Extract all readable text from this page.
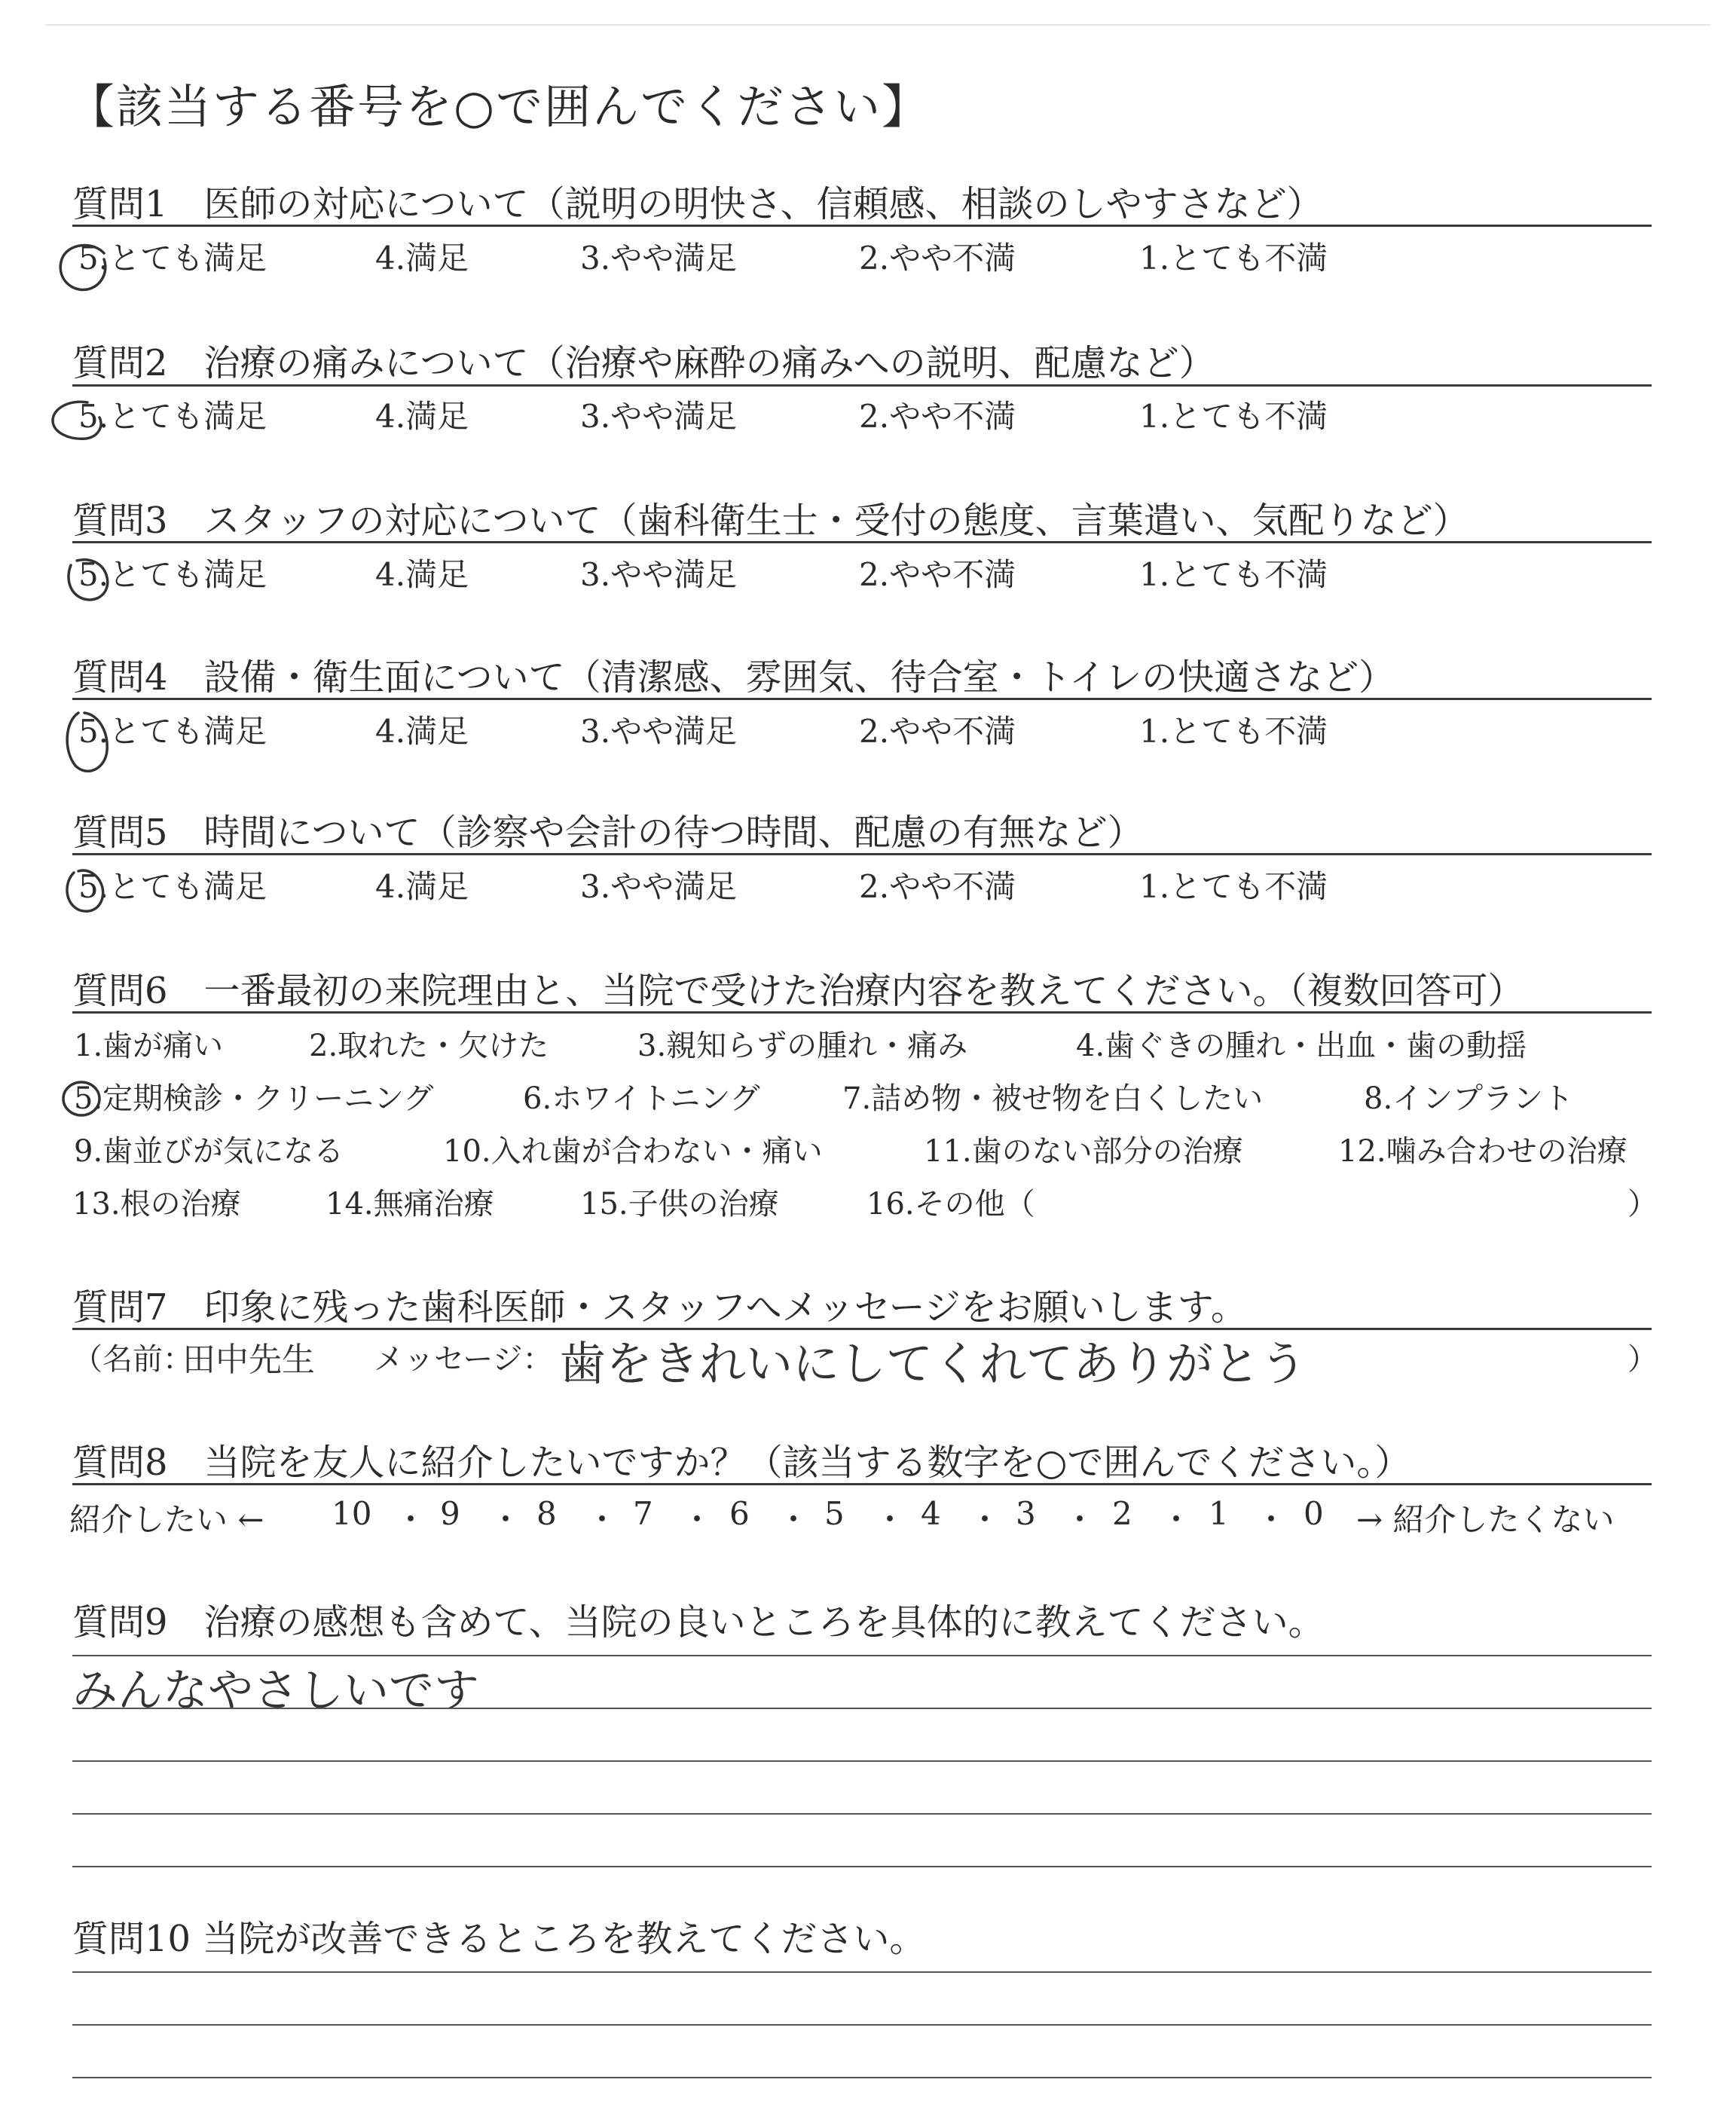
【該当する番号を○で囲んでください】
質問1　医師の対応について（説明の明快さ、信頼感、相談のしやすさなど）
5.とても満足	4.満足	3.やや満足	2.やや不満	1.とても不満
質問2　治療の痛みについて（治療や麻酔の痛みへの説明、配慮など）
5.とても満足	4.満足	3.やや満足	2.やや不満	1.とても不満
質問3　スタッフの対応について（歯科衛生士・受付の態度、言葉遣い、気配りなど）
5.とても満足	4.満足	3.やや満足	2.やや不満	1.とても不満
質問4　設備・衛生面について（清潔感、雰囲気、待合室・トイレの快適さなど）
5.とても満足	4.満足	3.やや満足	2.やや不満	1.とても不満
質問5　時間について（診察や会計の待つ時間、配慮の有無など）
5.とても満足	4.満足	3.やや満足	2.やや不満	1.とても不満
質問6　一番最初の来院理由と、当院で受けた治療内容を教えてください。（複数回答可）
1.歯が痛い	2.取れた・欠けた	3.親知らずの腫れ・痛み	4.歯ぐきの腫れ・出血・歯の動揺
5.定期検診・クリーニング	6.ホワイトニング	7.詰め物・被せ物を白くしたい	8.インプラント
9.歯並びが気になる	10.入れ歯が合わない・痛い	11.歯のない部分の治療	12.噛み合わせの治療
13.根の治療	14.無痛治療	15.子供の治療	16.その他（	）
質問7　印象に残った歯科医師・スタッフへメッセージをお願いします。
（名前：
田中先生 メッセージ： 歯をきれいにしてくれてありがとう	）
質問8　当院を友人に紹介したいですか？（該当する数字を○で囲んでください。）
紹介したい ← 10 ・ 9 ・ 8 ・ 7 ・ 6 ・ 5 ・ 4 ・ 3 ・ 2 ・ 1 ・ 0 → 紹介したくない
質問9　治療の感想も含めて、当院の良いところを具体的に教えてください。
みんなやさしいです
質問10 当院が改善できるところを教えてください。
